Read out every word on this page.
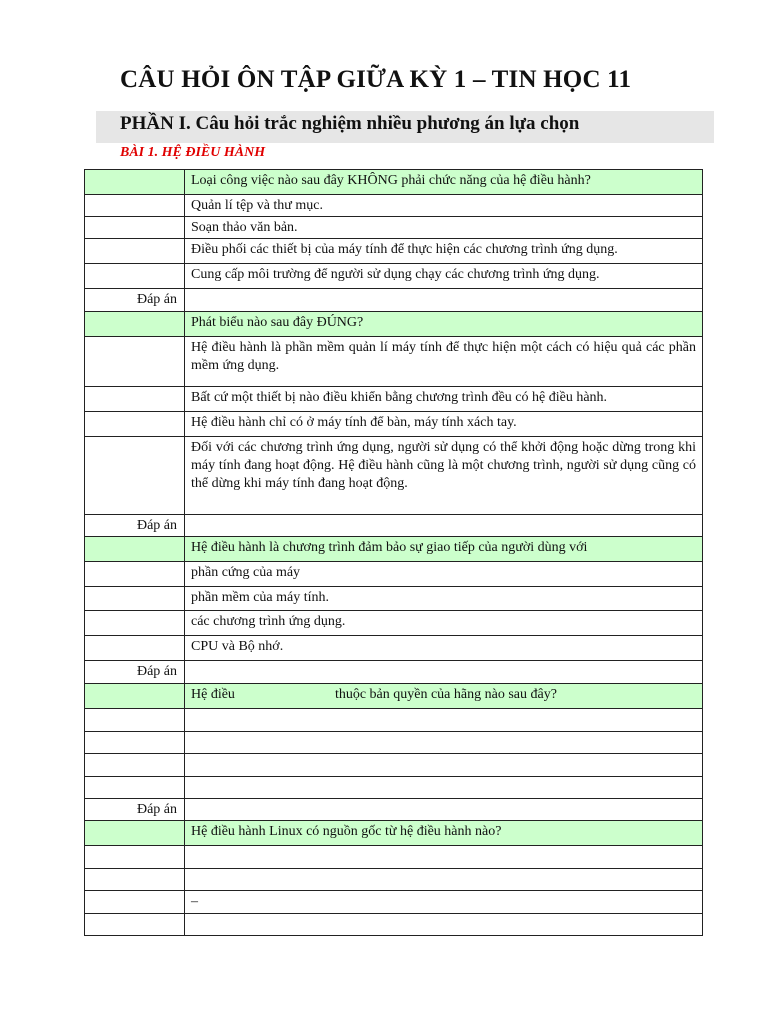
CÂU HỎI ÔN TẬP GIỮA KỲ 1 – TIN HỌC 11
PHẦN I. Câu hỏi trắc nghiệm nhiều phương án lựa chọn
BÀI 1. HỆ ĐIỀU HÀNH
	Loại công việc nào sau đây KHÔNG phải chức năng của hệ điều hành?
	Quản lí tệp và thư mục.
	Soạn thảo văn bản.
	Điều phối các thiết bị của máy tính để thực hiện các chương trình ứng dụng.
	Cung cấp môi trường để người sử dụng chạy các chương trình ứng dụng.
Đáp án	
	Phát biểu nào sau đây ĐÚNG?
	Hệ điều hành là phần mềm quản lí máy tính để thực hiện một cách có hiệu quả các phần mềm ứng dụng.
	Bất cứ một thiết bị nào điều khiển bằng chương trình đều có hệ điều hành.
	Hệ điều hành chỉ có ở máy tính để bàn, máy tính xách tay.
	Đối với các chương trình ứng dụng, người sử dụng có thể khởi động hoặc dừng trong khi máy tính đang hoạt động. Hệ điều hành cũng là một chương trình, người sử dụng cũng có thể dừng khi máy tính đang hoạt động.
Đáp án	
	Hệ điều hành là chương trình đảm bảo sự giao tiếp của người dùng với
	phần cứng của máy
	phần mềm của máy tính.
	các chương trình ứng dụng.
	CPU và Bộ nhớ.
Đáp án	
	Hệ điều thuộc bản quyền của hãng nào sau đây?

Đáp án	
	Hệ điều hành Linux có nguồn gốc từ hệ điều hành nào?

	–
